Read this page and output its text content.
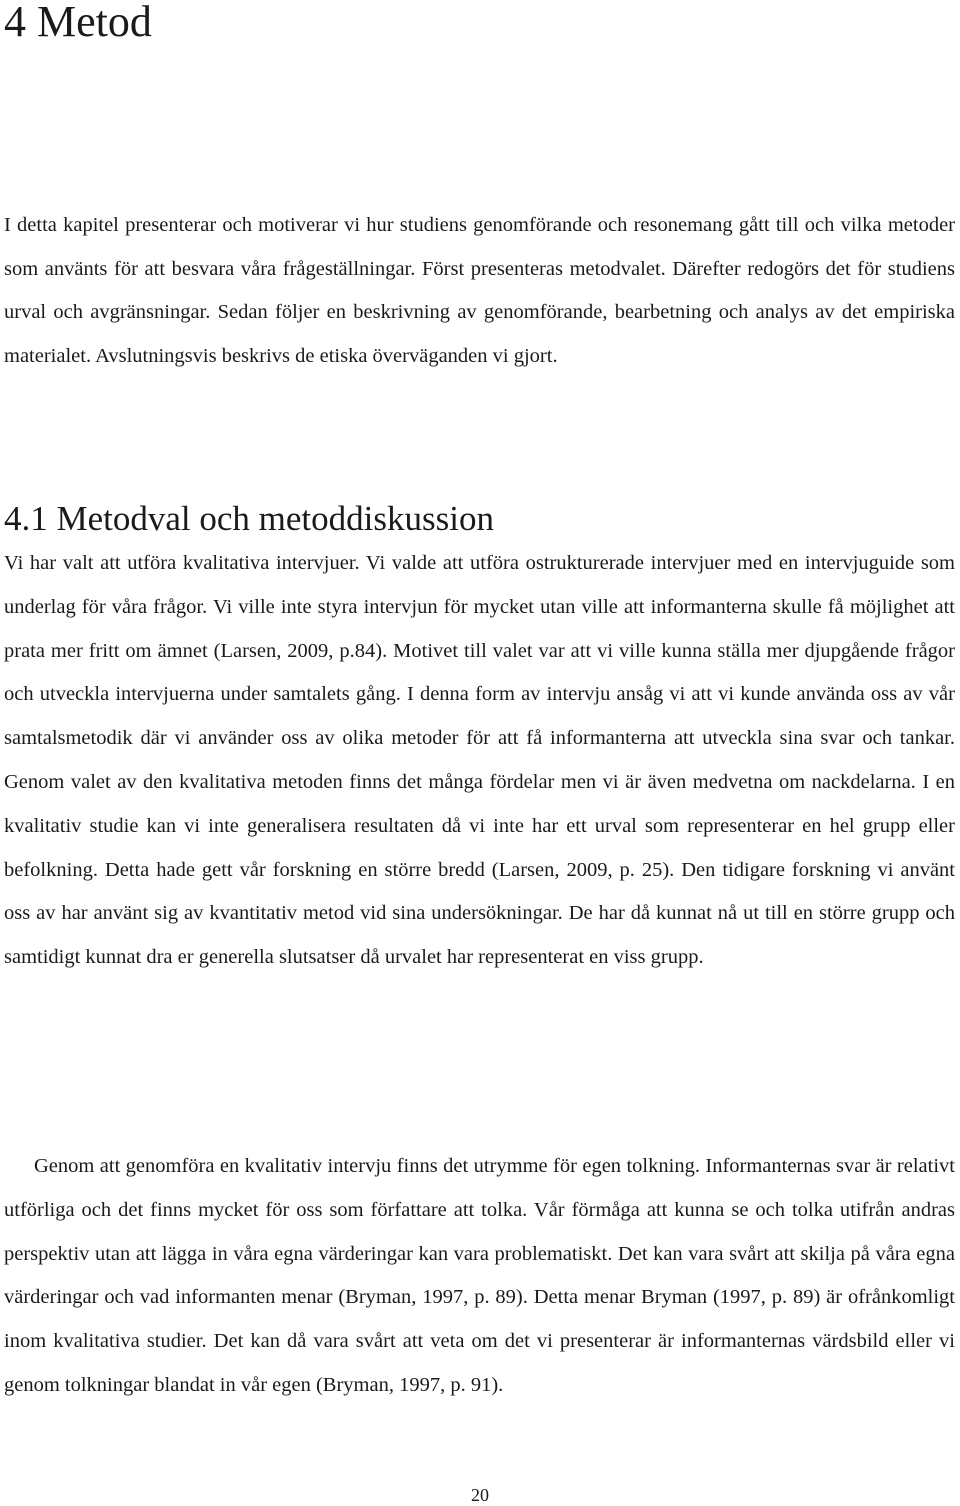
4 Metod

I detta kapitel presenterar och motiverar vi hur studiens genomförande och resonemang gått till och vilka metoder som använts för att besvara våra frågeställningar. Först presenteras metodvalet. Därefter redogörs det för studiens urval och avgränsningar. Sedan följer en beskrivning av genomförande, bearbetning och analys av det empiriska materialet. Avslutningsvis beskrivs de etiska överväganden vi gjort.

4.1 Metodval och metoddiskussion

Vi har valt att utföra kvalitativa intervjuer. Vi valde att utföra ostrukturerade intervjuer med en intervjuguide som underlag för våra frågor. Vi ville inte styra intervjun för mycket utan ville att informanterna skulle få möjlighet att prata mer fritt om ämnet (Larsen, 2009, p.84). Motivet till valet var att vi ville kunna ställa mer djupgående frågor och utveckla intervjuerna under samtalets gång. I denna form av intervju ansåg vi att vi kunde använda oss av vår samtalsmetodik där vi använder oss av olika metoder för att få informanterna att utveckla sina svar och tankar. Genom valet av den kvalitativa metoden finns det många fördelar men vi är även medvetna om nackdelarna. I en kvalitativ studie kan vi inte generalisera resultaten då vi inte har ett urval som representerar en hel grupp eller befolkning. Detta hade gett vår forskning en större bredd (Larsen, 2009, p. 25). Den tidigare forskning vi använt oss av har använt sig av kvantitativ metod vid sina undersökningar. De har då kunnat nå ut till en större grupp och samtidigt kunnat dra er generella slutsatser då urvalet har representerat en viss grupp.

Genom att genomföra en kvalitativ intervju finns det utrymme för egen tolkning. Informanternas svar är relativt utförliga och det finns mycket för oss som författare att tolka. Vår förmåga att kunna se och tolka utifrån andras perspektiv utan att lägga in våra egna värderingar kan vara problematiskt. Det kan vara svårt att skilja på våra egna värderingar och vad informanten menar (Bryman, 1997, p. 89). Detta menar Bryman (1997, p. 89) är ofrånkomligt inom kvalitativa studier. Det kan då vara svårt att veta om det vi presenterar är informanternas värdsbild eller vi genom tolkningar blandat in vår egen (Bryman, 1997, p. 91).

20
